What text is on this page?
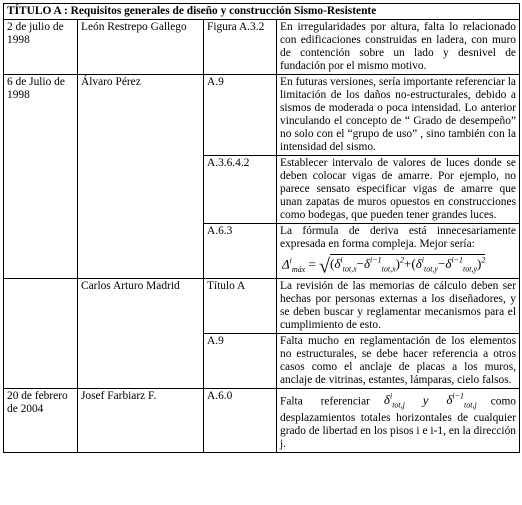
TÍTULO A : Requisitos generales de diseño y construcción Sismo-Resistente			
2 de julio de 1998	León Restrepo Gallego	Figura A.3.2	En irregularidades por altura, falta lo relacionado con edificaciones construidas en ladera, con muro de contención sobre un lado y desnivel de fundación por el mismo motivo.
6 de Julio de 1998	Álvaro Pérez	A.9	En futuras versiones, sería importante referenciar la limitación de los daños no-estructurales, debido a sismos de moderada o poca intensidad. Lo anterior vinculando el concepto de “ Grado de desempeño” no solo con el “grupo de uso” , sino también con la intensidad del sismo.
		A.3.6.4.2	Establecer intervalo de valores de luces donde se deben colocar vigas de amarre. Por ejemplo, no parece sensato especificar vigas de amarre que unan zapatas de muros opuestos en construcciones como bodegas, que pueden tener grandes luces.
		A.6.3	La fórmula de deriva está innecesariamente expresada en forma compleja. Mejor sería:
$\Delta^i_{máx} = √(\delta^i_{tot,x}-\delta^{i-1}_{tot,x})^2+(\delta^i_{tot,y}-\delta^{i-1}_{tot,y})^2$

	Carlos Arturo Madrid	Título A	La revisión de las memorias de cálculo deben ser hechas por personas externas a los diseñadores, y se deben buscar y reglamentar mecanismos para el cumplimiento de esto.
		A.9	Falta mucho en reglamentación de los elementos no estructurales, se debe hacer referencia a otros casos como el anclaje de placas a los muros, anclaje de vitrinas, estantes, lámparas, cielo falsos.
20 de febrero de 2004	Josef Farbiarz F.	A.6.0	Falta referenciar $\delta^i_{tot,j}$ y $\delta^{i-1}_{tot,j}$ como desplazamientos totales horizontales de cualquier grado de libertad en los pisos i e i-1, en la dirección j.
